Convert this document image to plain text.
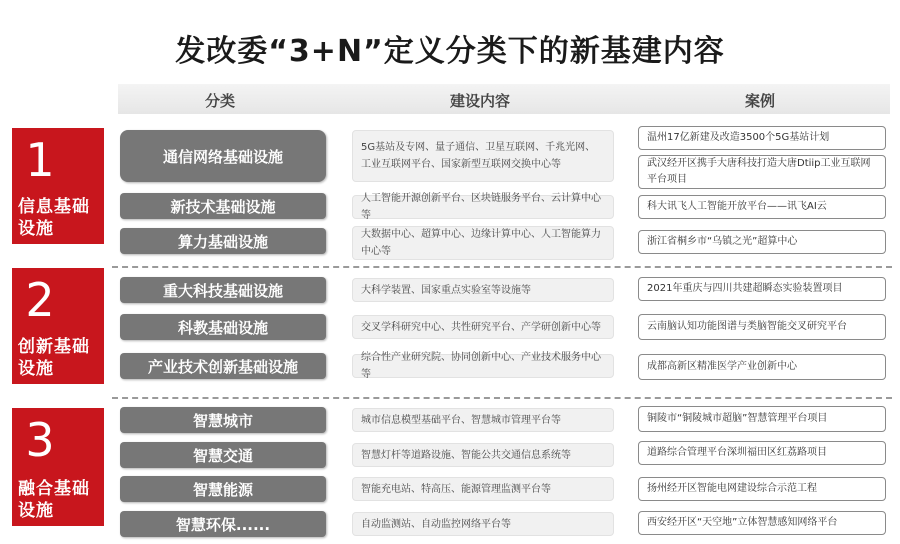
发改委“3+N”定义分类下的新基建内容
分类	建设内容	案例
1
信息基础设施
2
创新基础设施
3
融合基础设施
通信网络基础设施
新技术基础设施
算力基础设施
重大科技基础设施
科教基础设施
产业技术创新基础设施
智慧城市
智慧交通
智慧能源
智慧环保......
5G基站及专网、量子通信、卫星互联网、千兆光网、工业互联网平台、国家新型互联网交换中心等
人工智能开源创新平台、区块链服务平台、云计算中心等
大数据中心、超算中心、边缘计算中心、人工智能算力中心等
大科学装置、国家重点实验室等设施等
交叉学科研究中心、共性研究平台、产学研创新中心等
综合性产业研究院、协同创新中心、产业技术服务中心等
城市信息模型基础平台、智慧城市管理平台等
智慧灯杆等道路设施、智能公共交通信息系统等
智能充电站、特高压、能源管理监测平台等
自动监测站、自动监控网络平台等
温州17亿新建及改造3500个5G基站计划
武汉经开区携手大唐科技打造大唐Dtiip工业互联网平台项目
科大讯飞人工智能开放平台——讯飞AI云
浙江省桐乡市“乌镇之光”超算中心
2021年重庆与四川共建超瞬态实验装置项目
云南脑认知功能图谱与类脑智能交叉研究平台
成都高新区精准医学产业创新中心
铜陵市“铜陵城市超脑”智慧管理平台项目
道路综合管理平台深圳福田区红荔路项目
扬州经开区智能电网建设综合示范工程
西安经开区“天空地”立体智慧感知网络平台
